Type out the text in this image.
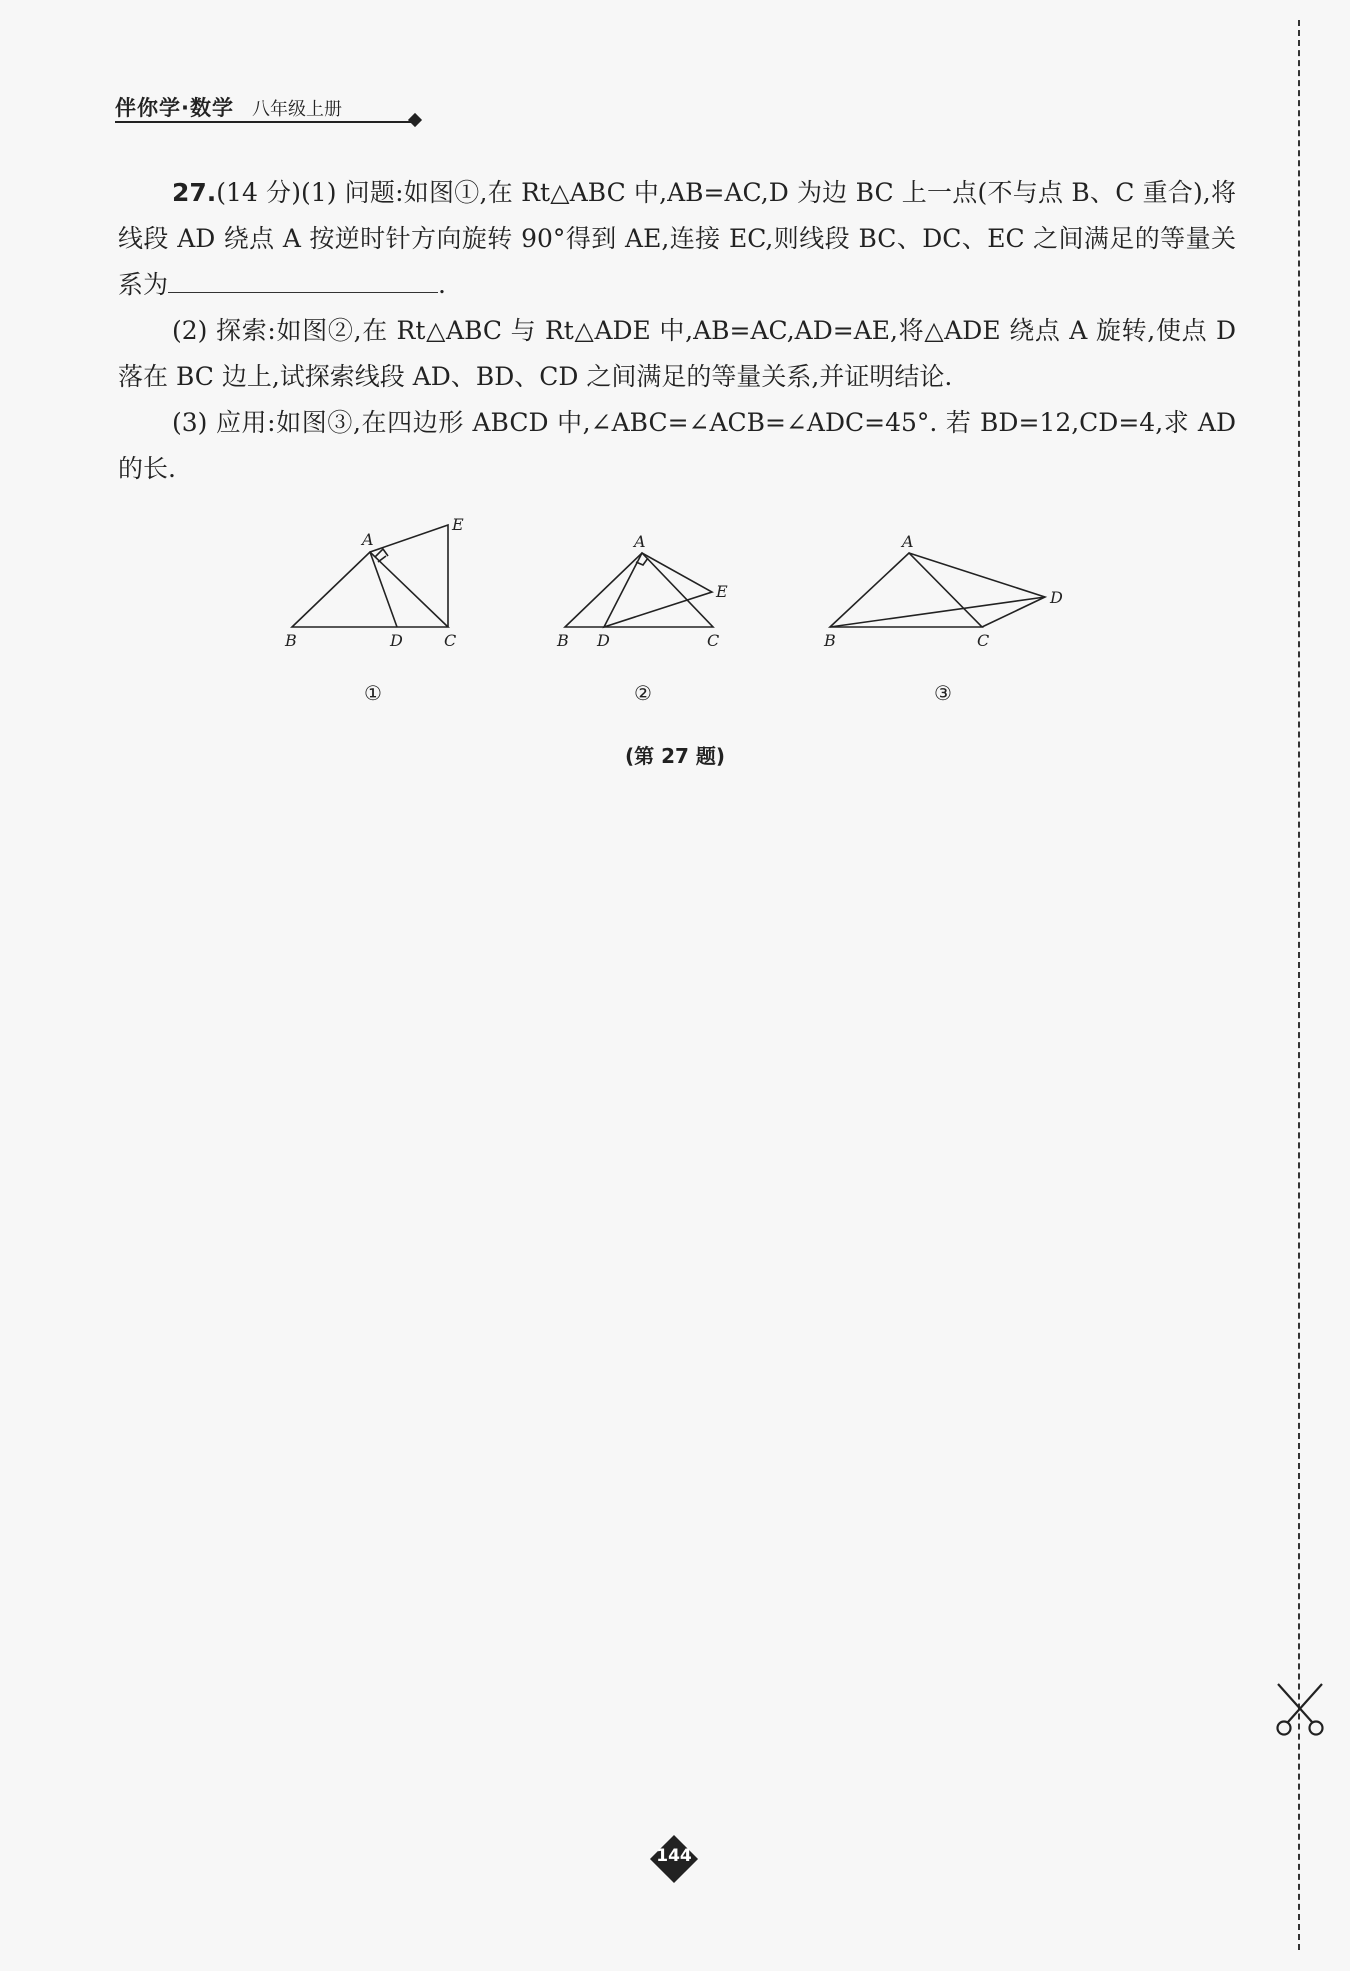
伴你学·数学 八年级上册

27.(14 分)(1) 问题:如图①,在 Rt△ABC 中,AB=AC,D 为边 BC 上一点(不与点 B、C 重合),将线段 AD 绕点 A 按逆时针方向旋转 90°得到 AE,连接 EC,则线段 BC、DC、EC 之间满足的等量关系为	.

(2) 探索:如图②,在 Rt△ABC 与 Rt△ADE 中,AB=AC,AD=AE,将△ADE 绕点 A 旋转,使点 D 落在 BC 边上,试探索线段 AD、BD、CD 之间满足的等量关系,并证明结论.

(3) 应用:如图③,在四边形 ABCD 中,∠ABC=∠ACB=∠ADC=45°. 若 BD=12,CD=4,求 AD 的长.

A
E
B	D	C
①
A
E
B D	C
②
A
D
B	C
③
(第 27 题)
144
